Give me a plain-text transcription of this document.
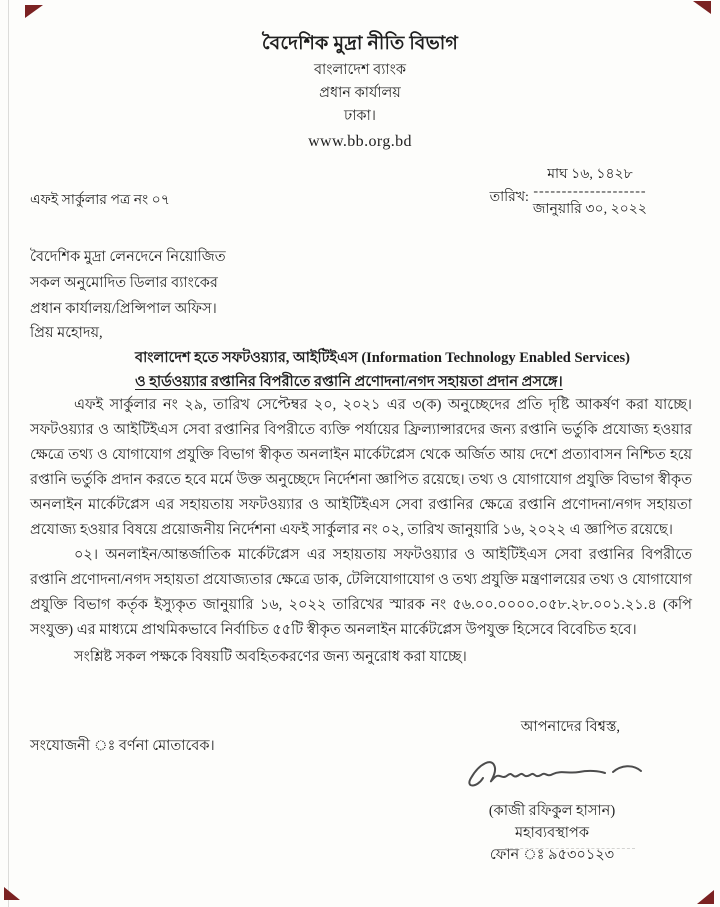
বৈদেশিক মুদ্রা নীতি বিভাগ
বাংলাদেশ ব্যাংক
প্রধান কার্যালয়
ঢাকা।
www.bb.org.bd
এফই সার্কুলার পত্র নং ০৭	তারিখ:
মাঘ ১৬, ১৪২৮
--------------------
জানুয়ারি ৩০, ২০২২
বৈদেশিক মুদ্রা লেনদেনে নিয়োজিত
সকল অনুমোদিত ডিলার ব্যাংকের
প্রধান কার্যালয়/প্রিন্সিপাল অফিস।
প্রিয় মহোদয়,
বাংলাদেশ হতে সফটওয়্যার, আইটিইএস (Information Technology Enabled Services)
ও হার্ডওয়্যার রপ্তানির বিপরীতে রপ্তানি প্রণোদনা/নগদ সহায়তা প্রদান প্রসঙ্গে।
এফই সার্কুলার নং ২৯, তারিখ সেপ্টেম্বর ২০, ২০২১ এর ৩(ক) অনুচ্ছেদের প্রতি দৃষ্টি আকর্ষণ করা যাচ্ছে। সফটওয়্যার ও আইটিইএস সেবা রপ্তানির বিপরীতে ব্যক্তি পর্যায়ের ফ্রিল্যান্সারদের জন্য রপ্তানি ভর্তুকি প্রযোজ্য হওয়ার ক্ষেত্রে তথ্য ও যোগাযোগ প্রযুক্তি বিভাগ স্বীকৃত অনলাইন মার্কেটপ্লেস থেকে অর্জিত আয় দেশে প্রত্যাবাসন নিশ্চিত হয়ে রপ্তানি ভর্তুকি প্রদান করতে হবে মর্মে উক্ত অনুচ্ছেদে নির্দেশনা জ্ঞাপিত রয়েছে। তথ্য ও যোগাযোগ প্রযুক্তি বিভাগ স্বীকৃত অনলাইন মার্কেটপ্লেস এর সহায়তায় সফটওয়্যার ও আইটিইএস সেবা রপ্তানির ক্ষেত্রে রপ্তানি প্রণোদনা/নগদ সহায়তা প্রযোজ্য হওয়ার বিষয়ে প্রয়োজনীয় নির্দেশনা এফই সার্কুলার নং ০২, তারিখ জানুয়ারি ১৬, ২০২২ এ জ্ঞাপিত রয়েছে।
০২। অনলাইন/আন্তর্জাতিক মার্কেটপ্লেস এর সহায়তায় সফটওয়্যার ও আইটিইএস সেবা রপ্তানির বিপরীতে রপ্তানি প্রণোদনা/নগদ সহায়তা প্রযোজ্যতার ক্ষেত্রে ডাক, টেলিযোগাযোগ ও তথ্য প্রযুক্তি মন্ত্রণালয়ের তথ্য ও যোগাযোগ প্রযুক্তি বিভাগ কর্তৃক ইস্যুকৃত জানুয়ারি ১৬, ২০২২ তারিখের স্মারক নং ৫৬.০০.০০০০.০৫৮.২৮.০০১.২১.৪ (কপি সংযুক্ত) এর মাধ্যমে প্রাথমিকভাবে নির্বাচিত ৫৫টি স্বীকৃত অনলাইন মার্কেটপ্লেস উপযুক্ত হিসেবে বিবেচিত হবে।
সংশ্লিষ্ট সকল পক্ষকে বিষয়টি অবহিতকরণের জন্য অনুরোধ করা যাচ্ছে।
আপনাদের বিশ্বস্ত,
সংযোজনী ঃ বর্ণনা মোতাবেক।
(কাজী রফিকুল হাসান)
মহাব্যবস্থাপক
ফোন ঃ ৯৫৩০১২৩
